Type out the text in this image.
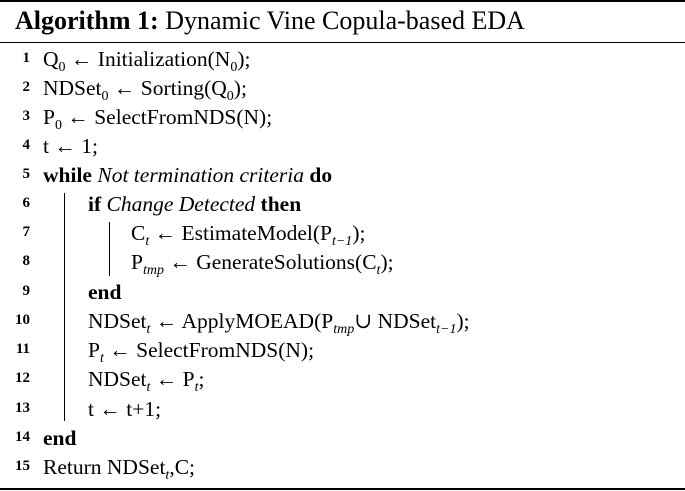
Algorithm 1: Dynamic Vine Copula-based EDA
1 $Q_0$ ← $Initialization(N_0)$;
2 NDSet$_0$ ← $Sorting(Q_0)$;
3 $P_0$ ← SelectFromNDS(N);
4 t ← 1;
5 while Not termination criteria do
6	if Change Detected then
7	$C_t$ ← $EstimateModel(P_{t-1})$;
8	$P_{tmp}$ ← $GenerateSolutions(C_t)$;
9	end
10	NDSet$_t$ ← $ApplyMOEAD(P_{tmp}\cup$ NDSet$_{t-1}$);
11	$P_t$ ← SelectFromNDS(N);
12	NDSet$_t$ ← $P_t$;
13	t ← t+1;
14 end
15 Return NDSet$_t$,C;
